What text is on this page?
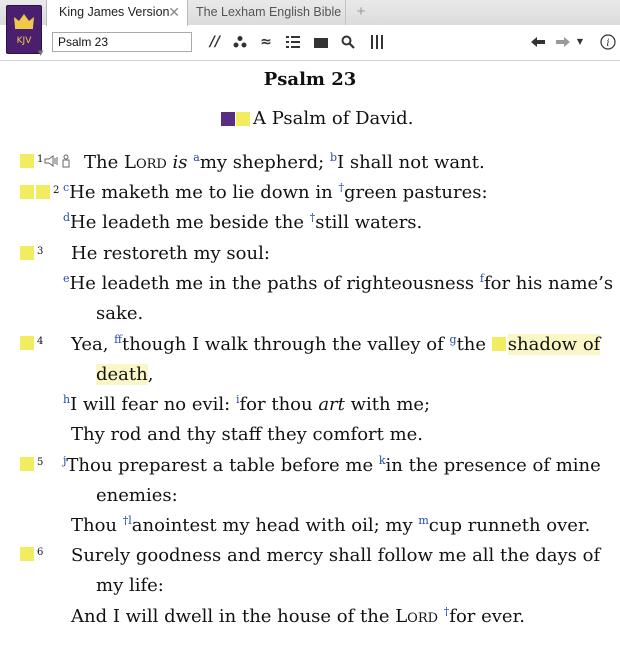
King James Version
✕	The Lexham English Bible	+
KJV
▼
Psalm 23
//	≈	▼ i
Psalm 23
A Psalm of David.
1 The Lord is $^a$my shepherd; $^b$I shall not want.
2 $^c$He maketh me to lie down in †green pastures:
$^d$He leadeth me beside the †still waters.
3 He restoreth my soul:
$^e$He leadeth me in the paths of righteousness $^f$for his name’s
sake.
4 Yea, $^{ff}$though I walk through the valley of $^g$the shadow of
death,
$^h$I will fear no evil: $^i$for thou art with me;
Thy rod and thy staff they comfort me.
5 $^j$Thou preparest a table before me $^k$in the presence of mine
enemies:
Thou $^{\dagger l}$anointest my head with oil; my $^m$cup runneth over.
6 Surely goodness and mercy shall follow me all the days of
my life:
And I will dwell in the house of the Lord †for ever.
